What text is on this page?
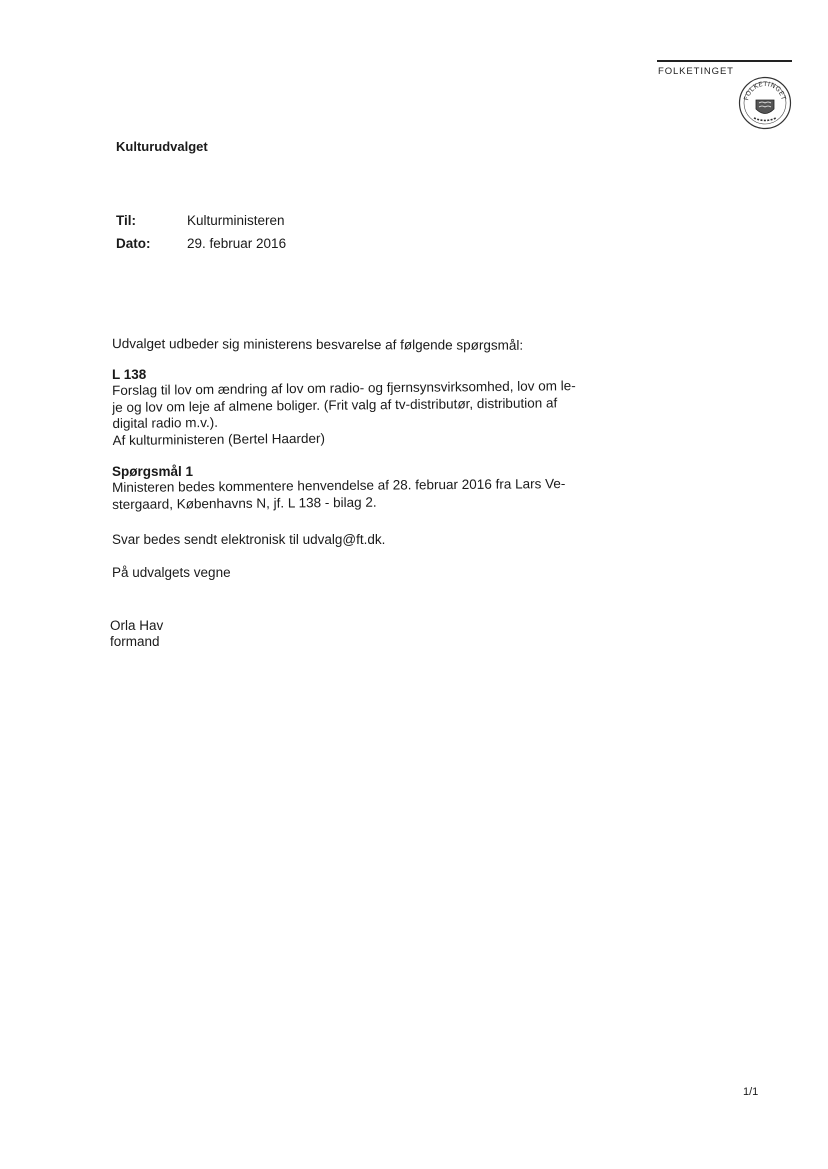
FOLKETINGET
FOLKETINGET
Kulturudvalget
Til:	Kulturministeren
Dato:	29. februar 2016
Udvalget udbeder sig ministerens besvarelse af følgende spørgsmål:
L 138
Forslag til lov om ændring af lov om radio- og fjernsynsvirksomhed, lov om le-
je og lov om leje af almene boliger. (Frit valg af tv-distributør, distribution af
digital radio m.v.).
Af kulturministeren (Bertel Haarder)
Spørgsmål 1
Ministeren bedes kommentere henvendelse af 28. februar 2016 fra Lars Ve-
stergaard, Københavns N, jf. L 138 - bilag 2.
Svar bedes sendt elektronisk til udvalg@ft.dk.
På udvalgets vegne
Orla Hav
formand
1/1
